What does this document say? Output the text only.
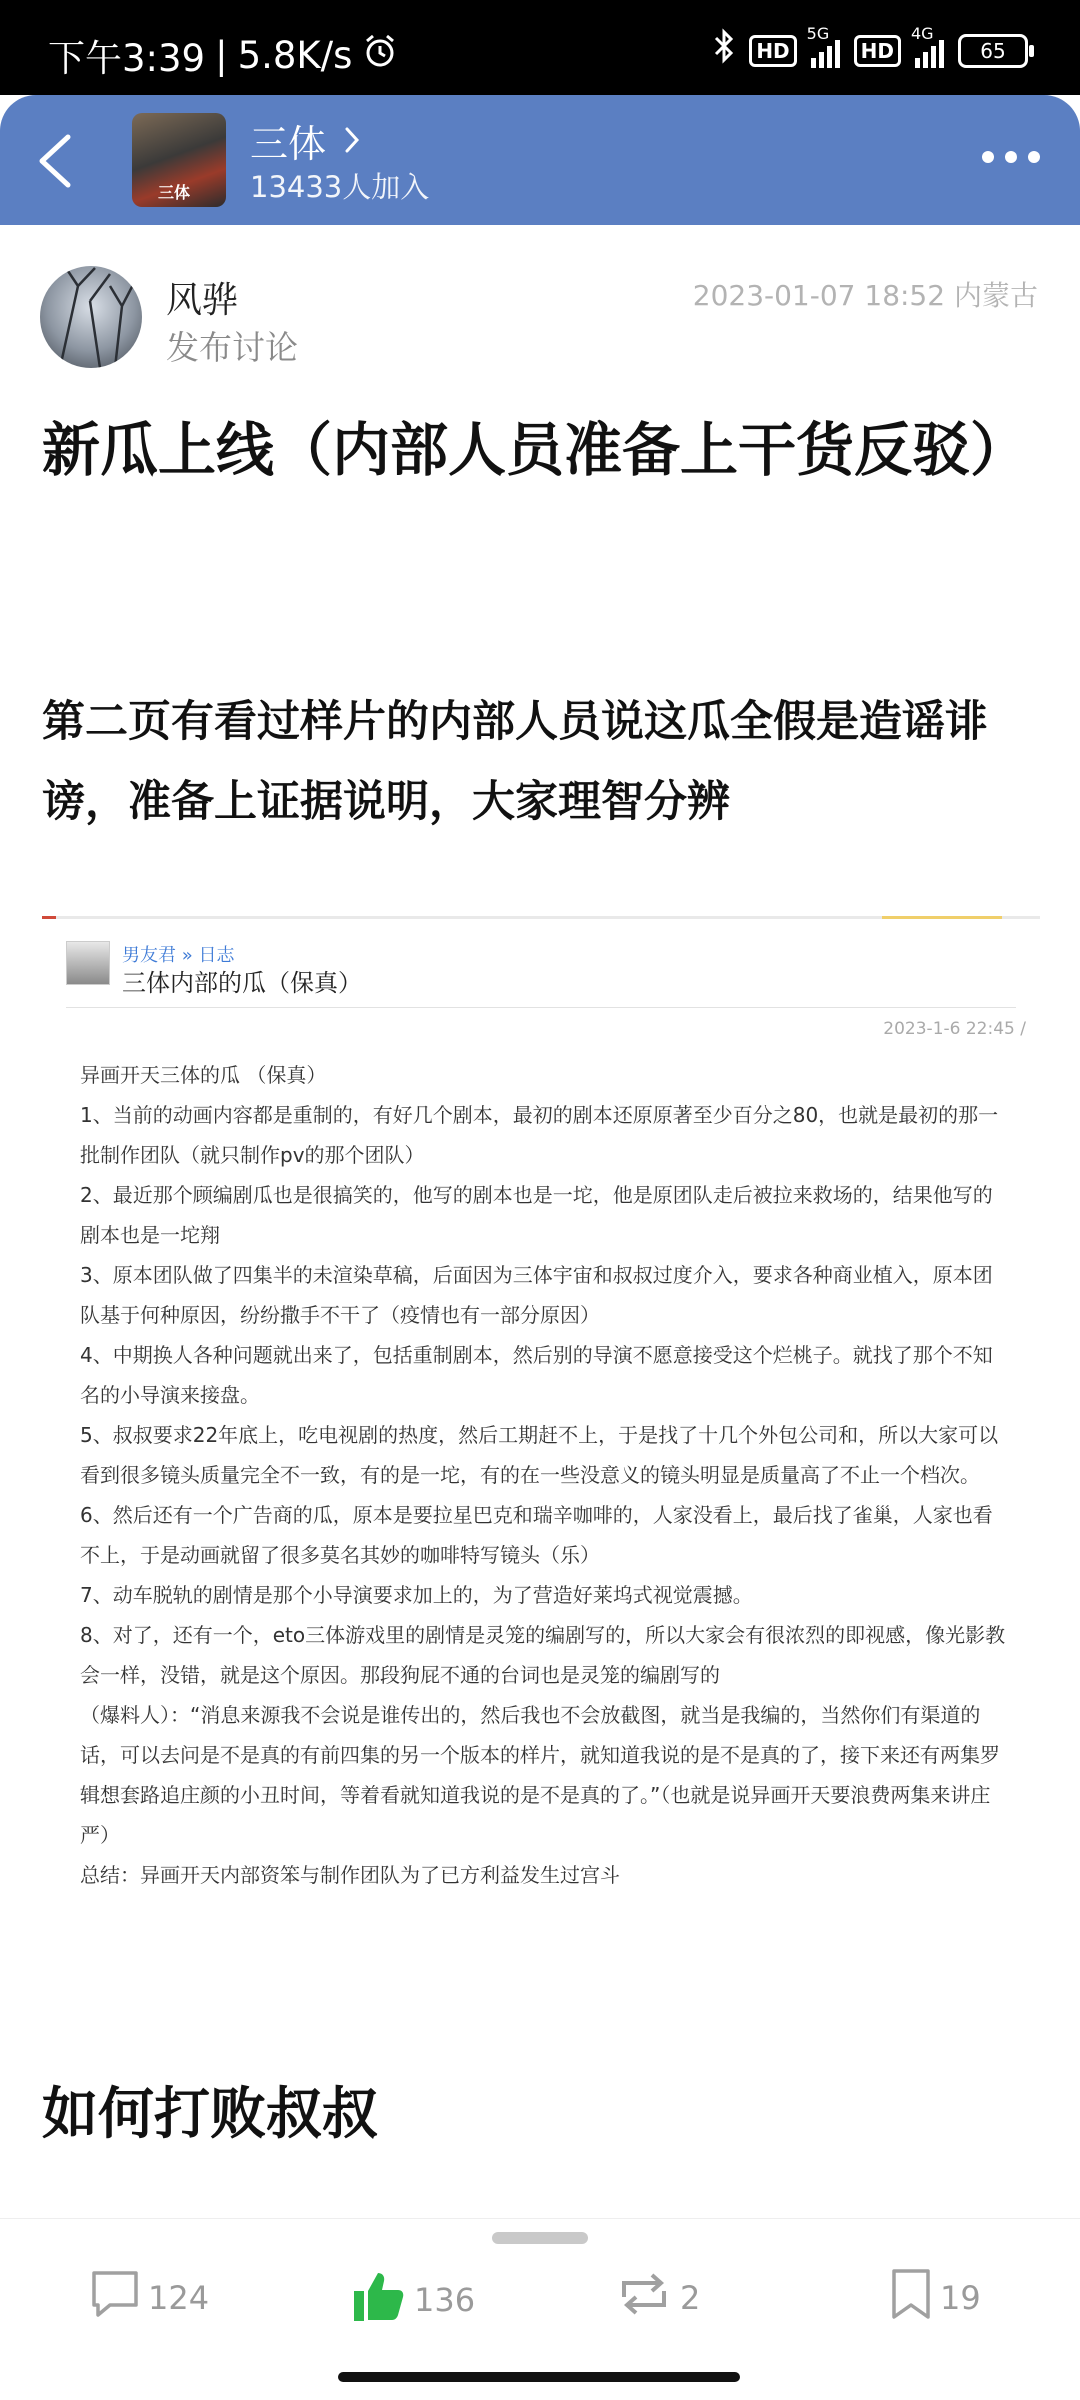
下午3:39 | 5.8K/s	HD
5G
HD
4G
65
三体
三体
13433人加入
风骅
发布讨论
2023-01-07 18:52 内蒙古
新瓜上线（内部人员准备上干货反驳）
第二页有看过样片的内部人员说这瓜全假是造谣诽谤，准备上证据说明，大家理智分辨
男友君 » 日志
三体内部的瓜（保真）
2023-1-6 22:45 /

异画开天三体的瓜 （保真）

1、当前的动画内容都是重制的，有好几个剧本，最初的剧本还原原著至少百分之80，也就是最初的那一批制作团队（就只制作pv的那个团队）

2、最近那个顾编剧瓜也是很搞笑的，他写的剧本也是一坨，他是原团队走后被拉来救场的，结果他写的剧本也是一坨翔

3、原本团队做了四集半的未渲染草稿，后面因为三体宇宙和叔叔过度介入，要求各种商业植入，原本团队基于何种原因，纷纷撒手不干了（疫情也有一部分原因）

4、中期换人各种问题就出来了，包括重制剧本，然后别的导演不愿意接受这个烂桃子。就找了那个不知名的小导演来接盘。

5、叔叔要求22年底上，吃电视剧的热度，然后工期赶不上，于是找了十几个外包公司和，所以大家可以看到很多镜头质量完全不一致，有的是一坨，有的在一些没意义的镜头明显是质量高了不止一个档次。

6、然后还有一个广告商的瓜，原本是要拉星巴克和瑞辛咖啡的，人家没看上，最后找了雀巢，人家也看不上，于是动画就留了很多莫名其妙的咖啡特写镜头（乐）

7、动车脱轨的剧情是那个小导演要求加上的，为了营造好莱坞式视觉震撼。

8、对了，还有一个，eto三体游戏里的剧情是灵笼的编剧写的，所以大家会有很浓烈的即视感，像光影教会一样，没错，就是这个原因。那段狗屁不通的台词也是灵笼的编剧写的

（爆料人）：“消息来源我不会说是谁传出的，然后我也不会放截图，就当是我编的，当然你们有渠道的话，可以去问是不是真的有前四集的另一个版本的样片，就知道我说的是不是真的了，接下来还有两集罗辑想套路追庄颜的小丑时间，等着看就知道我说的是不是真的了。”（也就是说异画开天要浪费两集来讲庄严）

总结：异画开天内部资笨与制作团队为了已方利益发生过宫斗

如何打败叔叔
124	136	2	19
